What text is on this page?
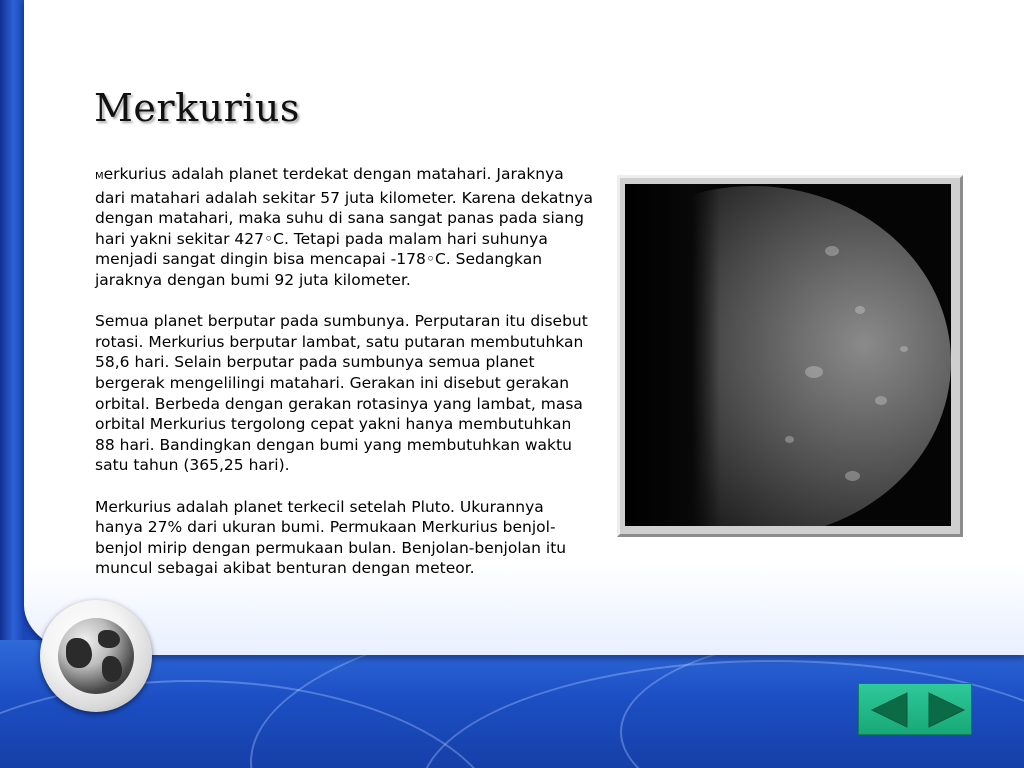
Merkurius

Merkurius adalah planet terdekat dengan matahari. Jaraknya dari matahari adalah sekitar 57 juta kilometer. Karena dekatnya dengan matahari, maka suhu di sana sangat panas pada siang hari yakni sekitar 427◦C. Tetapi pada malam hari suhunya menjadi sangat dingin bisa mencapai -178◦C. Sedangkan jaraknya dengan bumi 92 juta kilometer.

Semua planet berputar pada sumbunya. Perputaran itu disebut rotasi. Merkurius berputar lambat, satu putaran membutuhkan 58,6 hari. Selain berputar pada sumbunya semua planet bergerak mengelilingi matahari. Gerakan ini disebut gerakan orbital. Berbeda dengan gerakan rotasinya yang lambat, masa orbital Merkurius tergolong cepat yakni hanya membutuhkan 88 hari. Bandingkan dengan bumi yang membutuhkan waktu satu tahun (365,25 hari).

Merkurius adalah planet terkecil setelah Pluto. Ukurannya hanya 27% dari ukuran bumi. Permukaan Merkurius benjol-benjol mirip dengan permukaan bulan. Benjolan-benjolan itu muncul sebagai akibat benturan dengan meteor.
